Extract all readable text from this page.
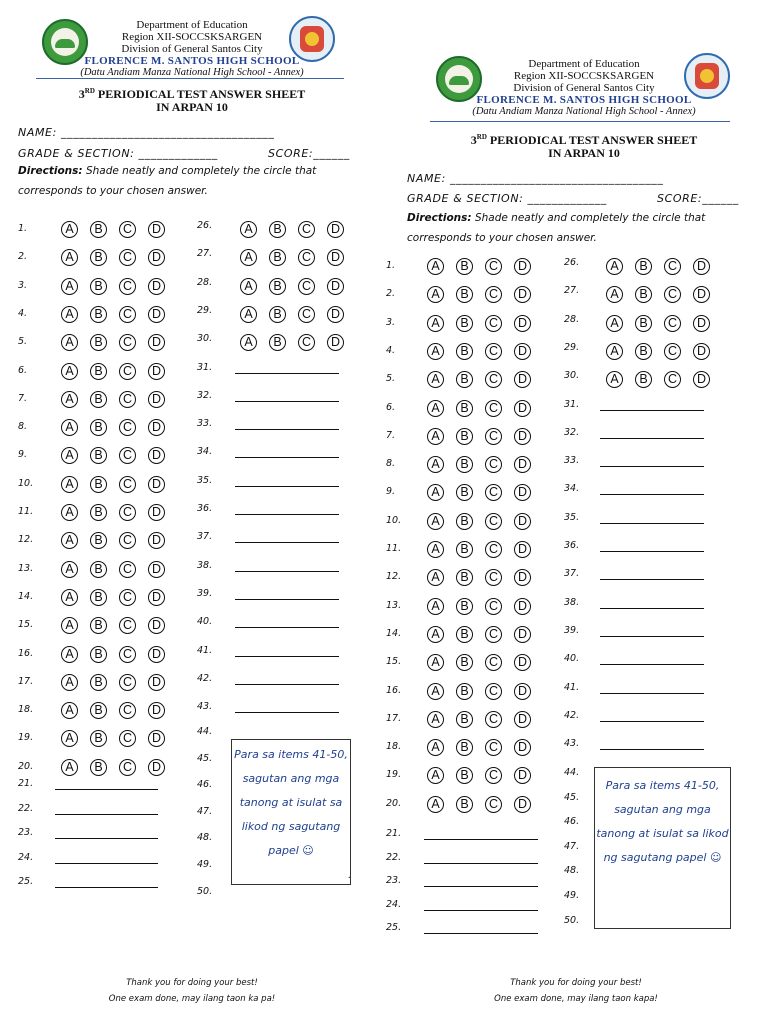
Department of Education
Region XII-SOCCSKSARGEN
Division of General Santos City
FLORENCE M. SANTOS HIGH SCHOOL
(Datu Andiam Manza National High School - Annex)
3RD PERIODICAL TEST ANSWER SHEET
IN ARPAN 10
NAME: ___________________________________
GRADE & SECTION: _____________	SCORE:______
Directions: Shade neatly and completely the circle that corresponds to your chosen answer.
1.	A	B	C	D
2.	A	B	C	D
3.	A	B	C	D
4.	A	B	C	D
5.	A	B	C	D
6.	A	B	C	D
7.	A	B	C	D
8.	A	B	C	D
9.	A	B	C	D
10.	A	B	C	D
11.	A	B	C	D
12.	A	B	C	D
13.	A	B	C	D
14.	A	B	C	D
15.	A	B	C	D
16.	A	B	C	D
17.	A	B	C	D
18.	A	B	C	D
19.	A	B	C	D
20.	A	B	C	D
21.
22.
23.
24.
25.
26.	A	B	C	D
27.	A	B	C	D
28.	A	B	C	D
29.	A	B	C	D
30.	A	B	C	D
31.
32.
33.
34.
35.
36.
37.
38.
39.
40.
41.
42.
43.
44.
45.
46.
47.
48.
49.
50.
Para sa items 41-50, sagutan ang mga tanong at isulat sa likod ng sagutang papel ☺
.
Thank you for doing your best!
One exam done, may ilang taon ka pa!
Department of Education
Region XII-SOCCSKSARGEN
Division of General Santos City
FLORENCE M. SANTOS HIGH SCHOOL
(Datu Andiam Manza National High School - Annex)
3RD PERIODICAL TEST ANSWER SHEET
IN ARPAN 10
NAME: ___________________________________
GRADE & SECTION: _____________	SCORE:______
Directions: Shade neatly and completely the circle that corresponds to your chosen answer.
1.	A	B	C	D
2.	A	B	C	D
3.	A	B	C	D
4.	A	B	C	D
5.	A	B	C	D
6.	A	B	C	D
7.	A	B	C	D
8.	A	B	C	D
9.	A	B	C	D
10.	A	B	C	D
11.	A	B	C	D
12.	A	B	C	D
13.	A	B	C	D
14.	A	B	C	D
15.	A	B	C	D
16.	A	B	C	D
17.	A	B	C	D
18.	A	B	C	D
19.	A	B	C	D
20.	A	B	C	D
21.
22.
23.
24.
25.
26.	A	B	C	D
27.	A	B	C	D
28.	A	B	C	D
29.	A	B	C	D
30.	A	B	C	D
31.
32.
33.
34.
35.
36.
37.
38.
39.
40.
41.
42.
43.
44.
45.
46.
47.
48.
49.
50.
Para sa items 41-50, sagutan ang mga tanong at isulat sa likod ng sagutang papel ☺
Thank you for doing your best!
One exam done, may ilang taon kapa!
